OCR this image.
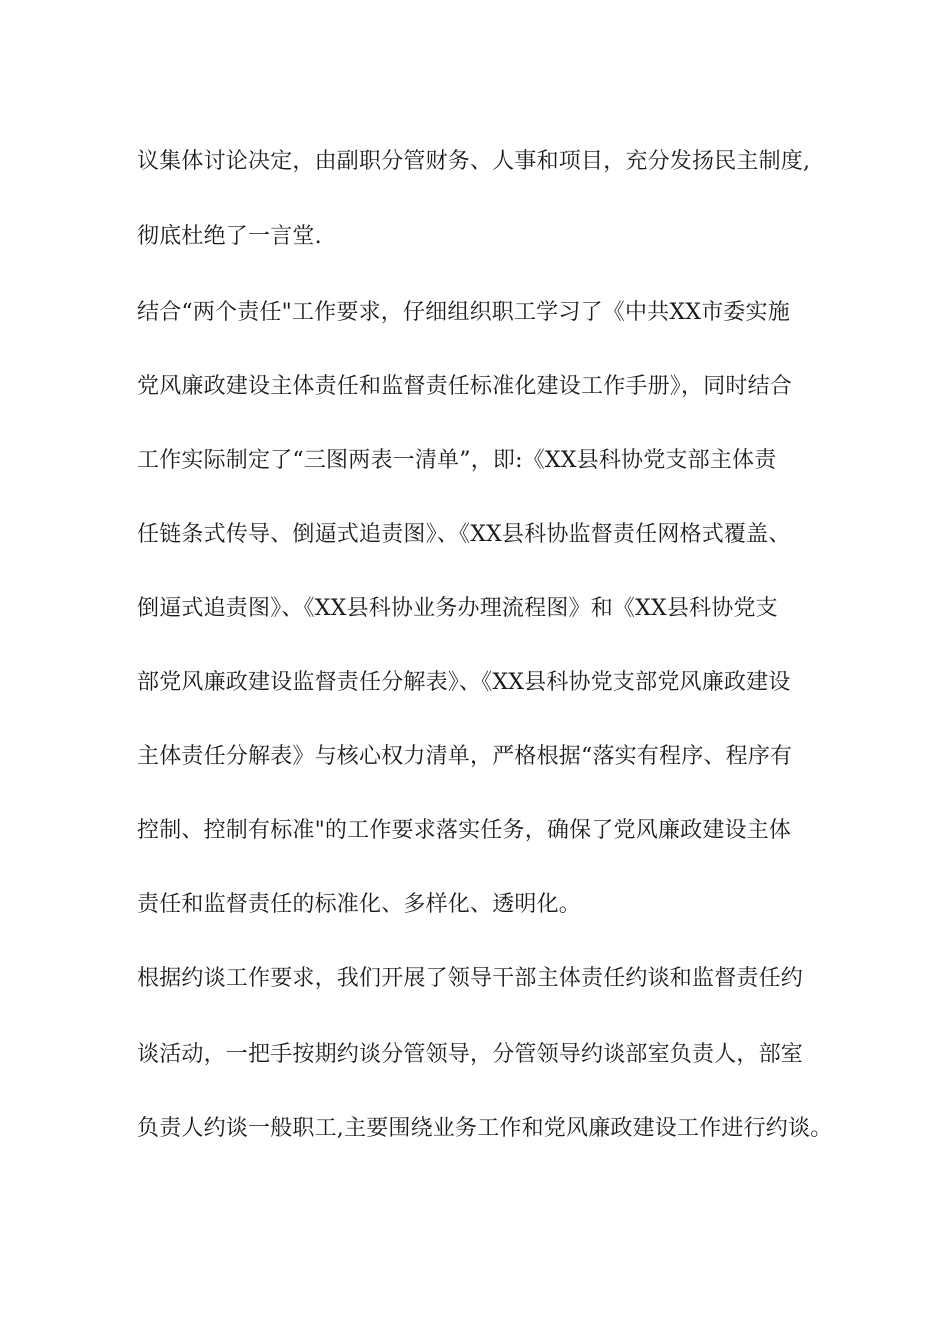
议集体讨论决定，由副职分管财务、人事和项目，充分发扬民主制度,
彻底杜绝了一言堂.
结合“两个责任"工作要求，仔细组织职工学习了《中共XX市委实施
党风廉政建设主体责任和监督责任标准化建设工作手册》，同时结合
工作实际制定了“三图两表一清单”，即:《XX县科协党支部主体责
任链条式传导、倒逼式追责图》、《XX县科协监督责任网格式覆盖、
倒逼式追责图》、《XX县科协业务办理流程图》和《XX县科协党支
部党风廉政建设监督责任分解表》、《XX县科协党支部党风廉政建设
主体责任分解表》与核心权力清单，严格根据“落实有程序、程序有
控制、控制有标准"的工作要求落实任务，确保了党风廉政建设主体
责任和监督责任的标准化、多样化、透明化。
根据约谈工作要求，我们开展了领导干部主体责任约谈和监督责任约
谈活动，一把手按期约谈分管领导，分管领导约谈部室负责人，部室
负责人约谈一般职工,主要围绕业务工作和党风廉政建设工作进行约谈。
